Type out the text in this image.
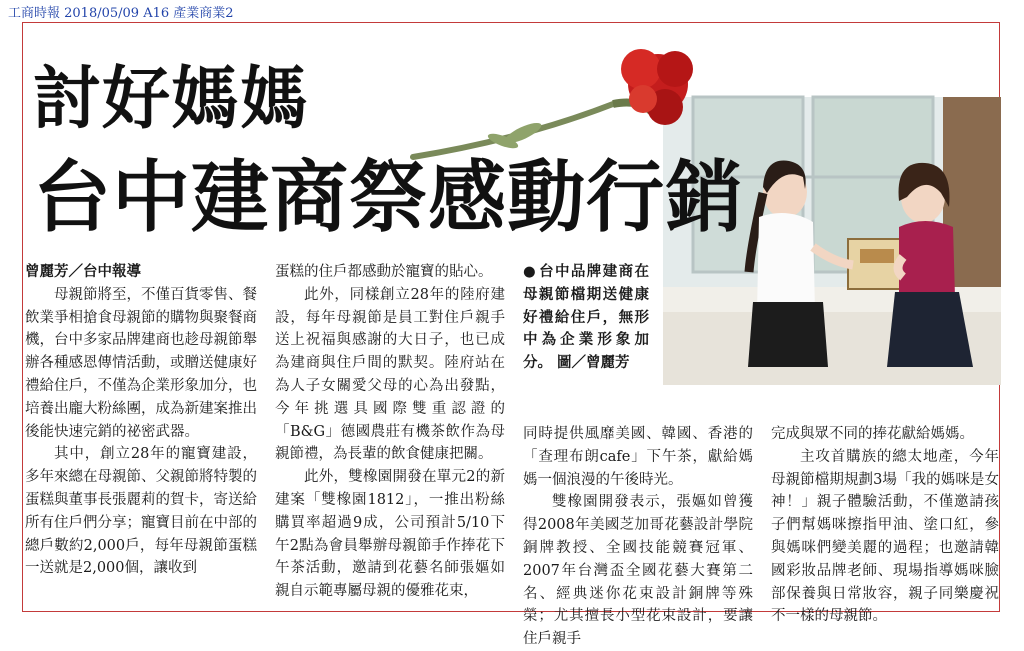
工商時報 2018/05/09 A16 產業商業2
討好媽媽
台中建商祭感動行銷
● 台中品牌建商在母親節檔期送健康好禮給住戶，無形中為企業形象加分。 圖／曾麗芳

曾麗芳／台中報導

母親節將至，不僅百貨零售、餐飲業爭相搶食母親節的購物與聚餐商機，台中多家品牌建商也趁母親節舉辦各種感恩傳情活動，或贈送健康好禮給住戶，不僅為企業形象加分，也培養出龐大粉絲團，成為新建案推出後能快速完銷的祕密武器。

其中，創立28年的寵寶建設，多年來總在母親節、父親節將特製的蛋糕與董事長張麗莉的賀卡，寄送給所有住戶們分享；寵寶目前在中部的總戶數約2,000戶，每年母親節蛋糕一送就是2,000個，讓收到

蛋糕的住戶都感動於寵寶的貼心。

此外，同樣創立28年的陸府建設，每年母親節是員工對住戶親手送上祝福與感謝的大日子，也已成為建商與住戶間的默契。陸府站在為人子女關愛父母的心為出發點，今年挑選具國際雙重認證的「B&G」德國農莊有機茶飲作為母親節禮，為長輩的飲食健康把關。

此外，雙橡園開發在單元2的新建案「雙橡園1812」，一推出粉絲購買率超過9成，公司預計5/10下午2點為會員舉辦母親節手作捧花下午茶活動，邀請到花藝名師張嫗如親自示範專屬母親的優雅花束，

同時提供風靡美國、韓國、香港的「查理布朗cafe」下午茶，獻給媽媽一個浪漫的午後時光。

雙橡園開發表示，張嫗如曾獲得2008年美國芝加哥花藝設計學院銅牌教授、全國技能競賽冠軍、2007年台灣盃全國花藝大賽第二名、經典迷你花束設計銅牌等殊榮；尤其擅長小型花束設計，要讓住戶親手

完成與眾不同的捧花獻給媽媽。

主攻首購族的總太地產，今年母親節檔期規劃3場「我的媽咪是女神！」親子體驗活動，不僅邀請孩子們幫媽咪擦指甲油、塗口紅，參與媽咪們變美麗的過程；也邀請韓國彩妝品牌老師、現場指導媽咪臉部保養與日常妝容，親子同樂慶祝不一樣的母親節。
